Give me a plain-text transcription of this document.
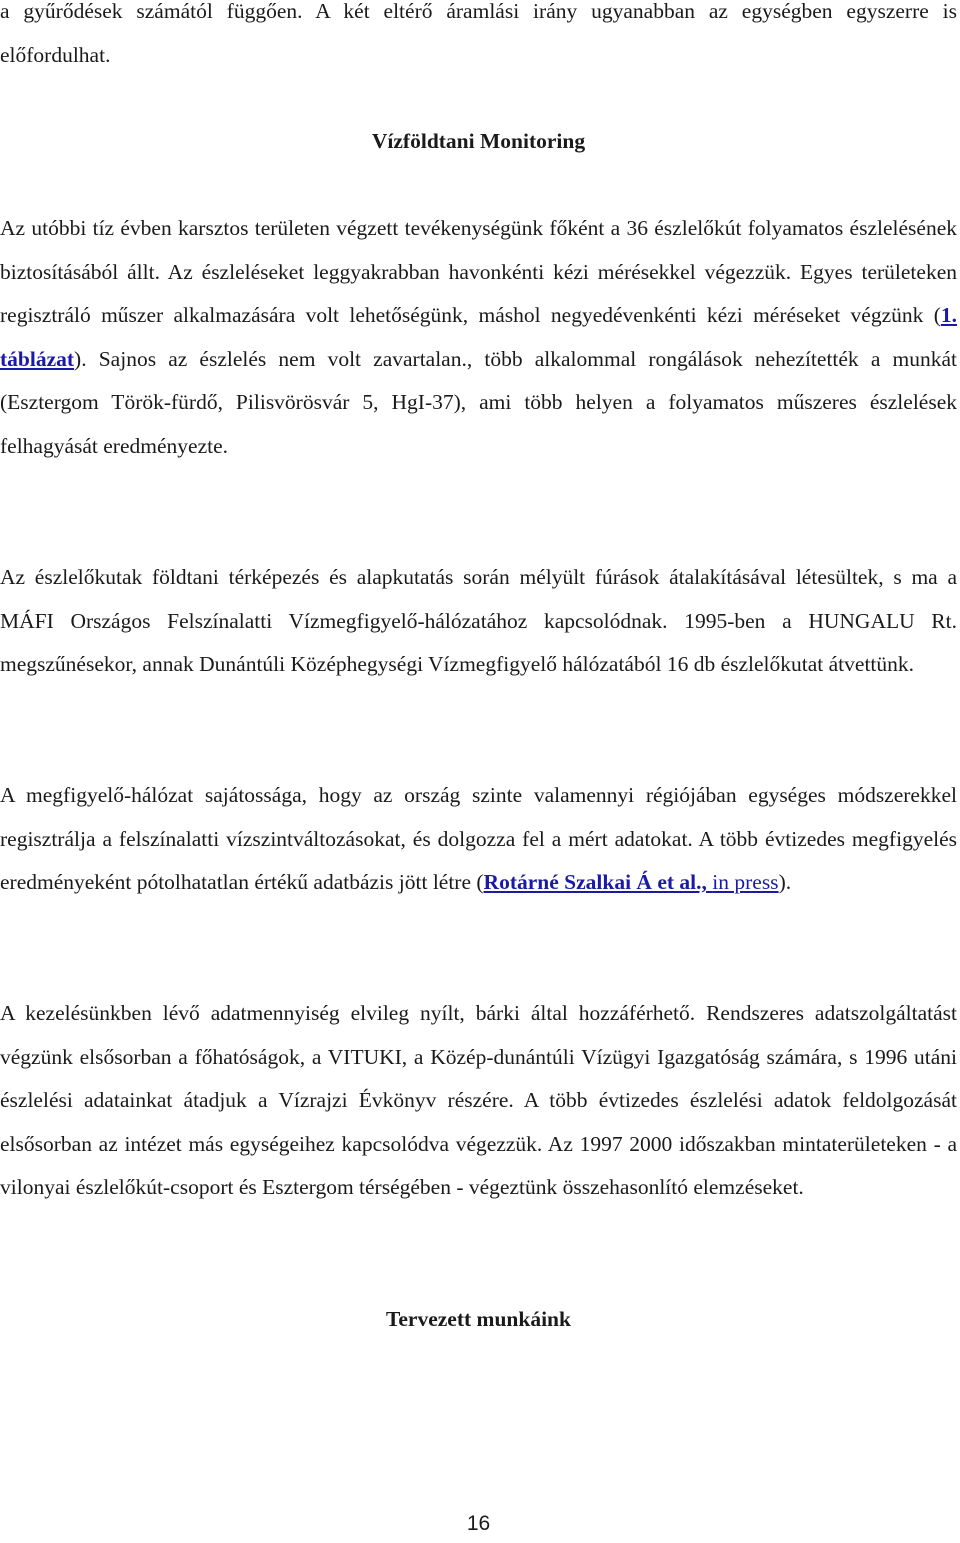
a gyűrődések számától függően. A két eltérő áramlási irány ugyanabban az egységben egyszerre is előfordulhat.

Vízföldtani Monitoring

Az utóbbi tíz évben karsztos területen végzett tevékenységünk főként a 36 észlelőkút folyamatos észlelésének biztosításából állt. Az észleléseket leggyakrabban havonkénti kézi mérésekkel végezzük. Egyes területeken regisztráló műszer alkalmazására volt lehetőségünk, máshol negyedévenkénti kézi méréseket végzünk (1. táblázat). Sajnos az észlelés nem volt zavartalan., több alkalommal rongálások nehezítették a munkát (Esztergom Török-fürdő, Pilisvörösvár 5, HgI-37), ami több helyen a folyamatos műszeres észlelések felhagyását eredményezte.

Az észlelőkutak földtani térképezés és alapkutatás során mélyült fúrások átalakításával létesültek, s ma a MÁFI Országos Felszínalatti Vízmegfigyelő-hálózatához kapcsolódnak. 1995-ben a HUNGALU Rt. megszűnésekor, annak Dunántúli Középhegységi Vízmegfigyelő hálózatából 16 db észlelőkutat átvettünk.

A megfigyelő-hálózat sajátossága, hogy az ország szinte valamennyi régiójában egységes módszerekkel regisztrálja a felszínalatti vízszintváltozásokat, és dolgozza fel a mért adatokat. A több évtizedes megfigyelés eredményeként pótolhatatlan értékű adatbázis jött létre (Rotárné Szalkai Á et al., in press).

A kezelésünkben lévő adatmennyiség elvileg nyílt, bárki által hozzáférhető. Rendszeres adatszolgáltatást végzünk elsősorban a főhatóságok, a VITUKI, a Közép-dunántúli Vízügyi Igazgatóság számára, s 1996 utáni észlelési adatainkat átadjuk a Vízrajzi Évkönyv részére. A több évtizedes észlelési adatok feldolgozását elsősorban az intézet más egységeihez kapcsolódva végezzük. Az 1997 2000 időszakban mintaterületeken - a vilonyai észlelőkút-csoport és Esztergom térségében - végeztünk összehasonlító elemzéseket.

Tervezett munkáink

16
